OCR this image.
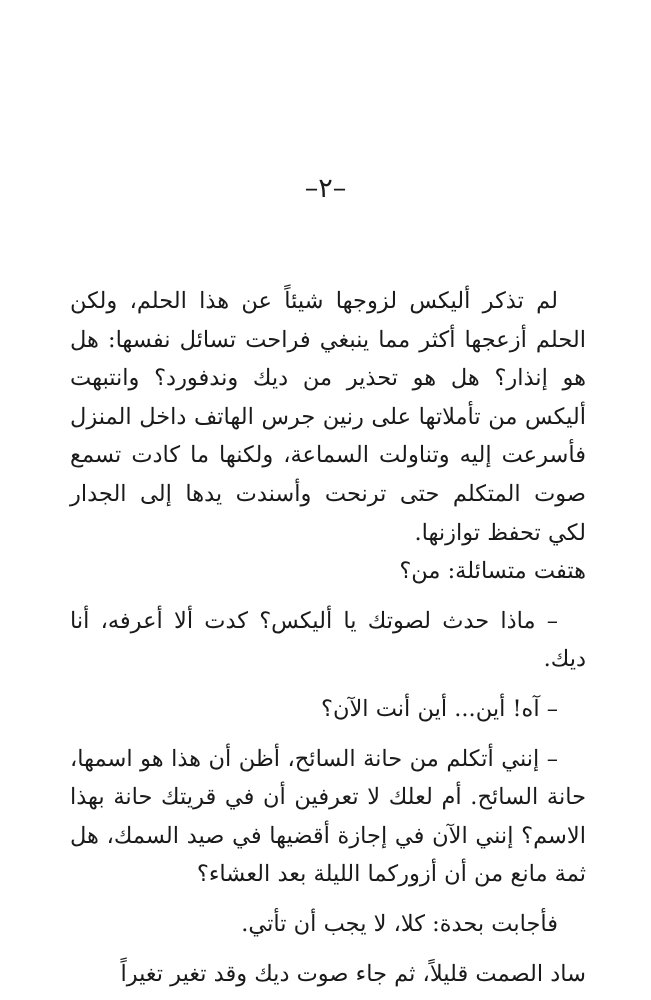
–٢–

لم تذكر أليكس لزوجها شيئاً عن هذا الحلم، ولكن الحلم أزعجها أكثر مما ينبغي فراحت تسائل نفسها: هل هو إنذار؟ هل هو تحذير من ديك وندفورد؟ وانتبهت أليكس من تأملاتها على رنين جرس الهاتف داخل المنزل فأسرعت إليه وتناولت السماعة، ولكنها ما كادت تسمع صوت المتكلم حتى ترنحت وأسندت يدها إلى الجدار لكي تحفظ توازنها.

هتفت متسائلة: من؟

– ماذا حدث لصوتك يا أليكس؟ كدت ألا أعرفه، أنا ديك.

– آه! أين... أين أنت الآن؟

– إنني أتكلم من حانة السائح، أظن أن هذا هو اسمها، حانة السائح. أم لعلك لا تعرفين أن في قريتك حانة بهذا الاسم؟ إنني الآن في إجازة أقضيها في صيد السمك، هل ثمة مانع من أن أزوركما الليلة بعد العشاء؟

فأجابت بحدة: كلا، لا يجب أن تأتي.

ساد الصمت قليلاً، ثم جاء صوت ديك وقد تغير تغيراً
